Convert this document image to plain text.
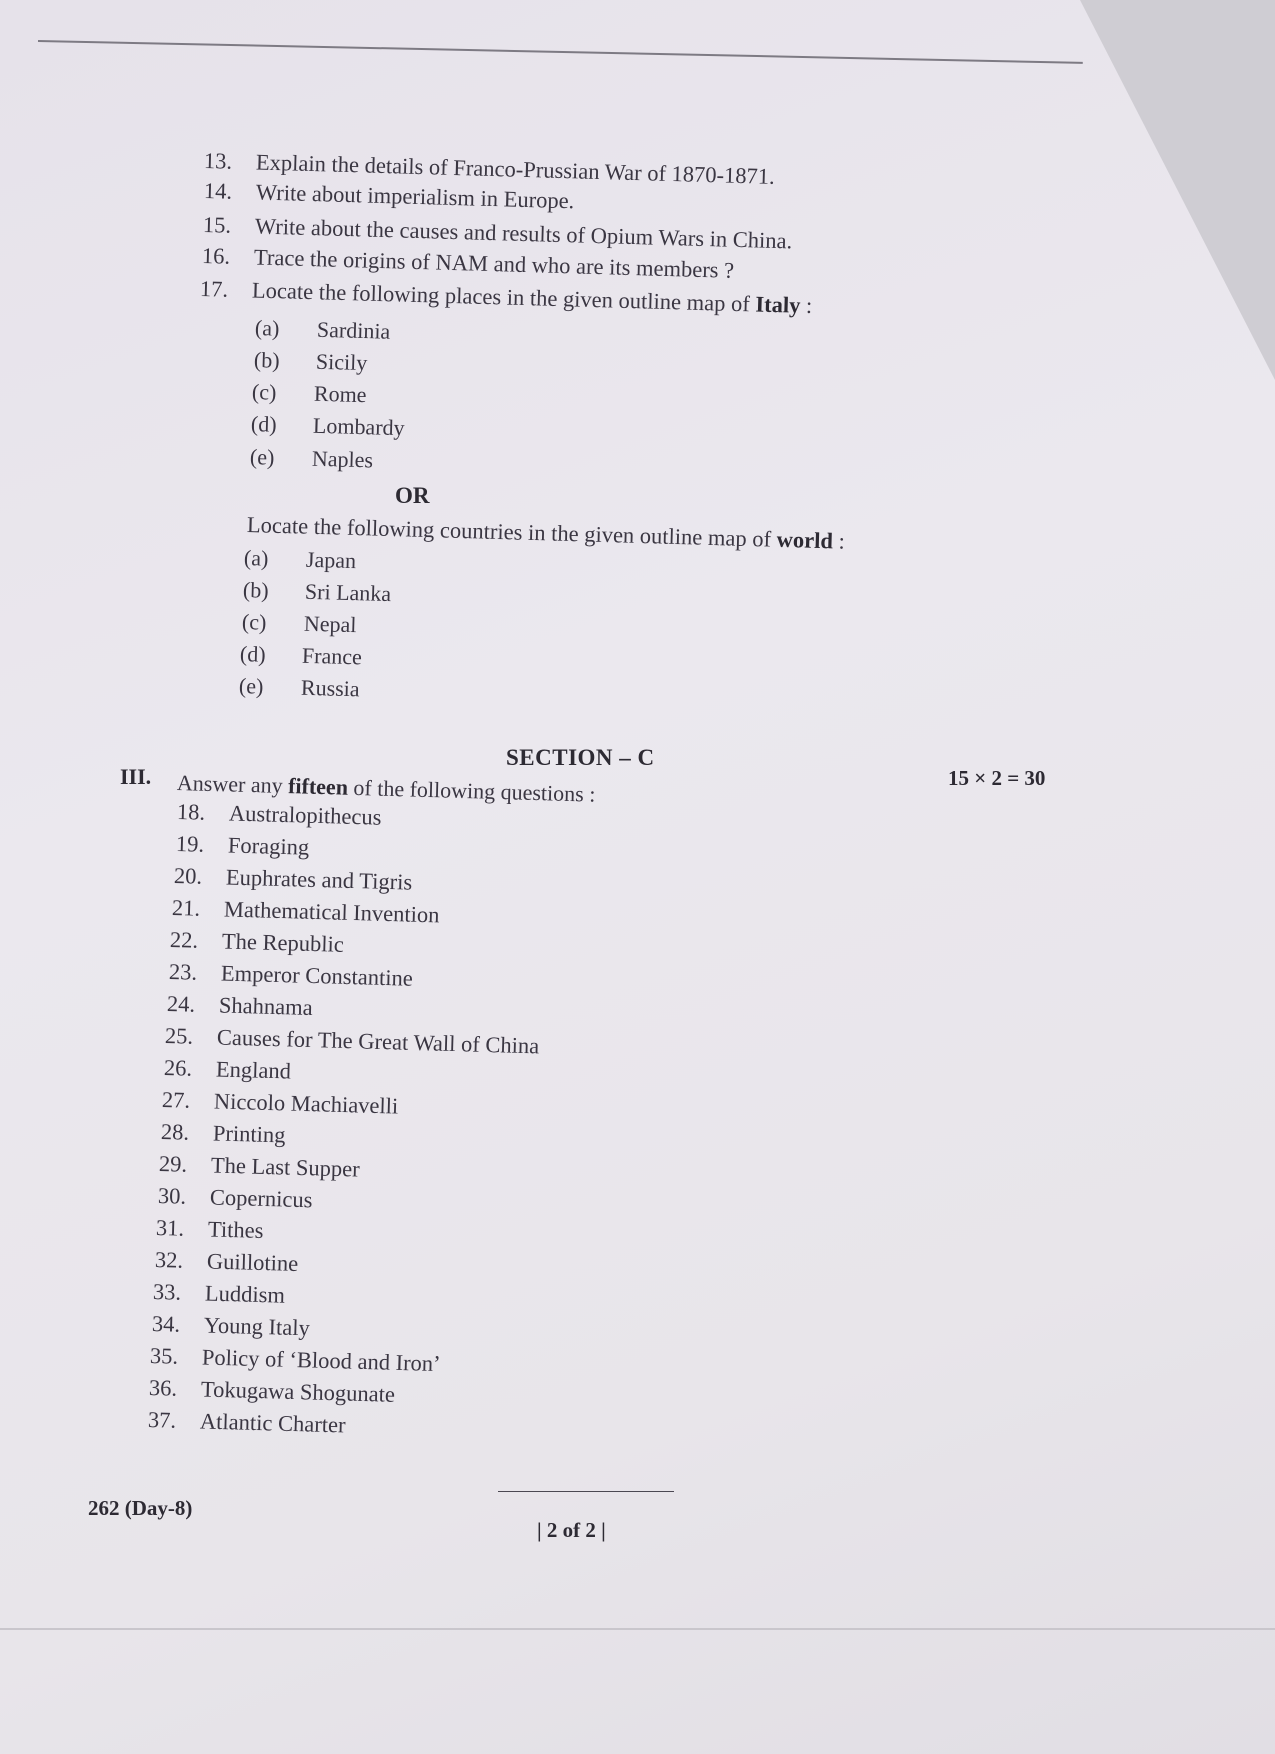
13. Explain the details of Franco-Prussian War of 1870-1871.
14. Write about imperialism in Europe.
15. Write about the causes and results of Opium Wars in China.
16. Trace the origins of NAM and who are its members ?
17. Locate the following places in the given outline map of Italy :
(a) Sardinia
(b) Sicily
(c) Rome
(d) Lombardy
(e) Naples
OR
Locate the following countries in the given outline map of world :
(a) Japan
(b) Sri Lanka
(c) Nepal
(d) France
(e) Russia
SECTION – C
15 × 2 = 30
III. Answer any fifteen of the following questions :
18. Australopithecus
19. Foraging
20. Euphrates and Tigris
21. Mathematical Invention
22. The Republic
23. Emperor Constantine
24. Shahnama
25. Causes for The Great Wall of China
26. England
27. Niccolo Machiavelli
28. Printing
29. The Last Supper
30. Copernicus
31. Tithes
32. Guillotine
33. Luddism
34. Young Italy
35. Policy of ‘Blood and Iron’
36. Tokugawa Shogunate
37. Atlantic Charter
262 (Day-8)
| 2 of 2 |
